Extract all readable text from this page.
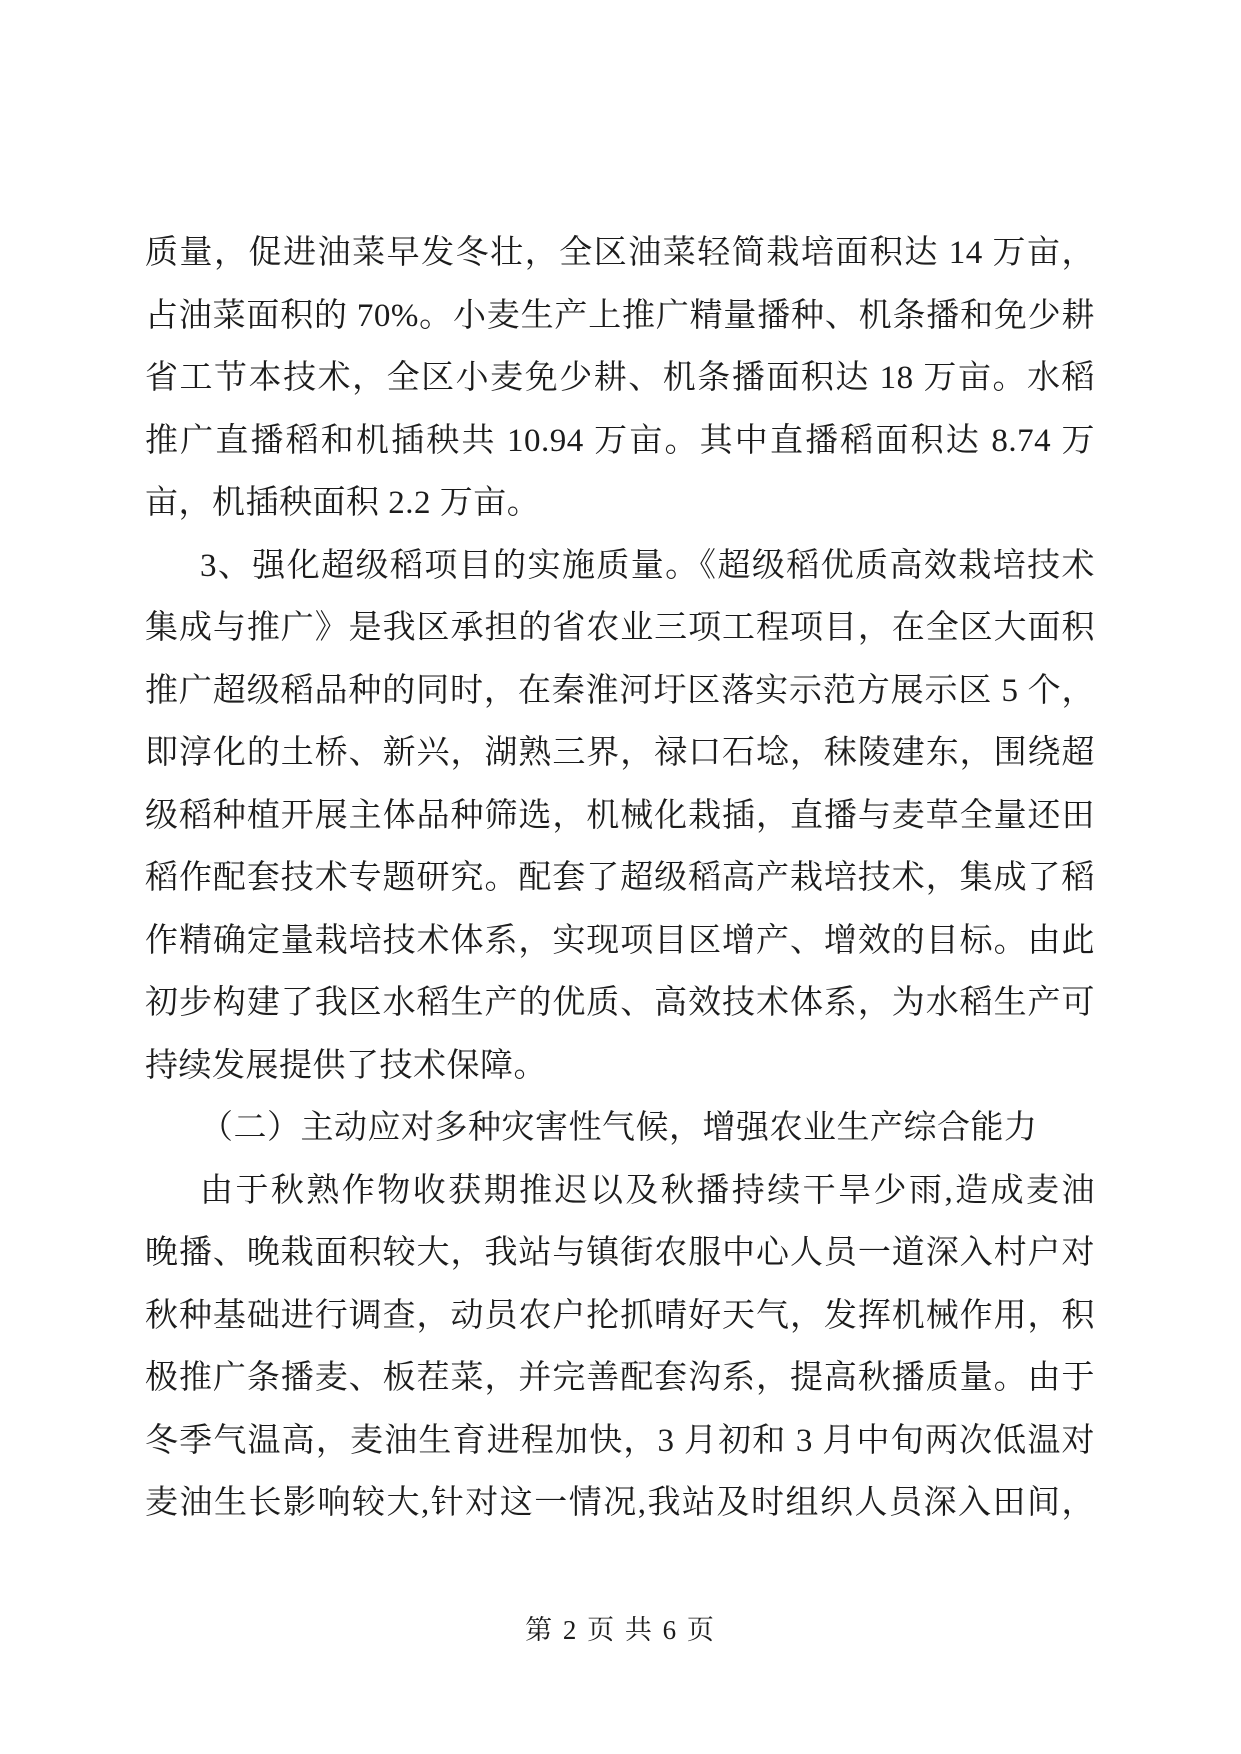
质量，促进油菜早发冬壮，全区油菜轻简栽培面积达 14 万亩，
占油菜面积的 70%。小麦生产上推广精量播种、机条播和免少耕
省工节本技术，全区小麦免少耕、机条播面积达 18 万亩。水稻
推广直播稻和机插秧共 10.94 万亩。其中直播稻面积达 8.74 万
亩，机插秧面积 2.2 万亩。
3、强化超级稻项目的实施质量。《超级稻优质高效栽培技术
集成与推广》是我区承担的省农业三项工程项目，在全区大面积
推广超级稻品种的同时，在秦淮河圩区落实示范方展示区 5 个，
即淳化的土桥、新兴，湖熟三界，禄口石埝，秣陵建东，围绕超
级稻种植开展主体品种筛选，机械化栽插，直播与麦草全量还田
稻作配套技术专题研究。配套了超级稻高产栽培技术，集成了稻
作精确定量栽培技术体系，实现项目区增产、增效的目标。由此
初步构建了我区水稻生产的优质、高效技术体系，为水稻生产可
持续发展提供了技术保障。
（二）主动应对多种灾害性气候，增强农业生产综合能力
由于秋熟作物收获期推迟以及秋播持续干旱少雨,造成麦油
晚播、晚栽面积较大，我站与镇街农服中心人员一道深入村户对
秋种基础进行调查，动员农户抡抓晴好天气，发挥机械作用，积
极推广条播麦、板茬菜，并完善配套沟系，提高秋播质量。由于
冬季气温高，麦油生育进程加快，3 月初和 3 月中旬两次低温对
麦油生长影响较大,针对这一情况,我站及时组织人员深入田间，
第 2 页 共 6 页
